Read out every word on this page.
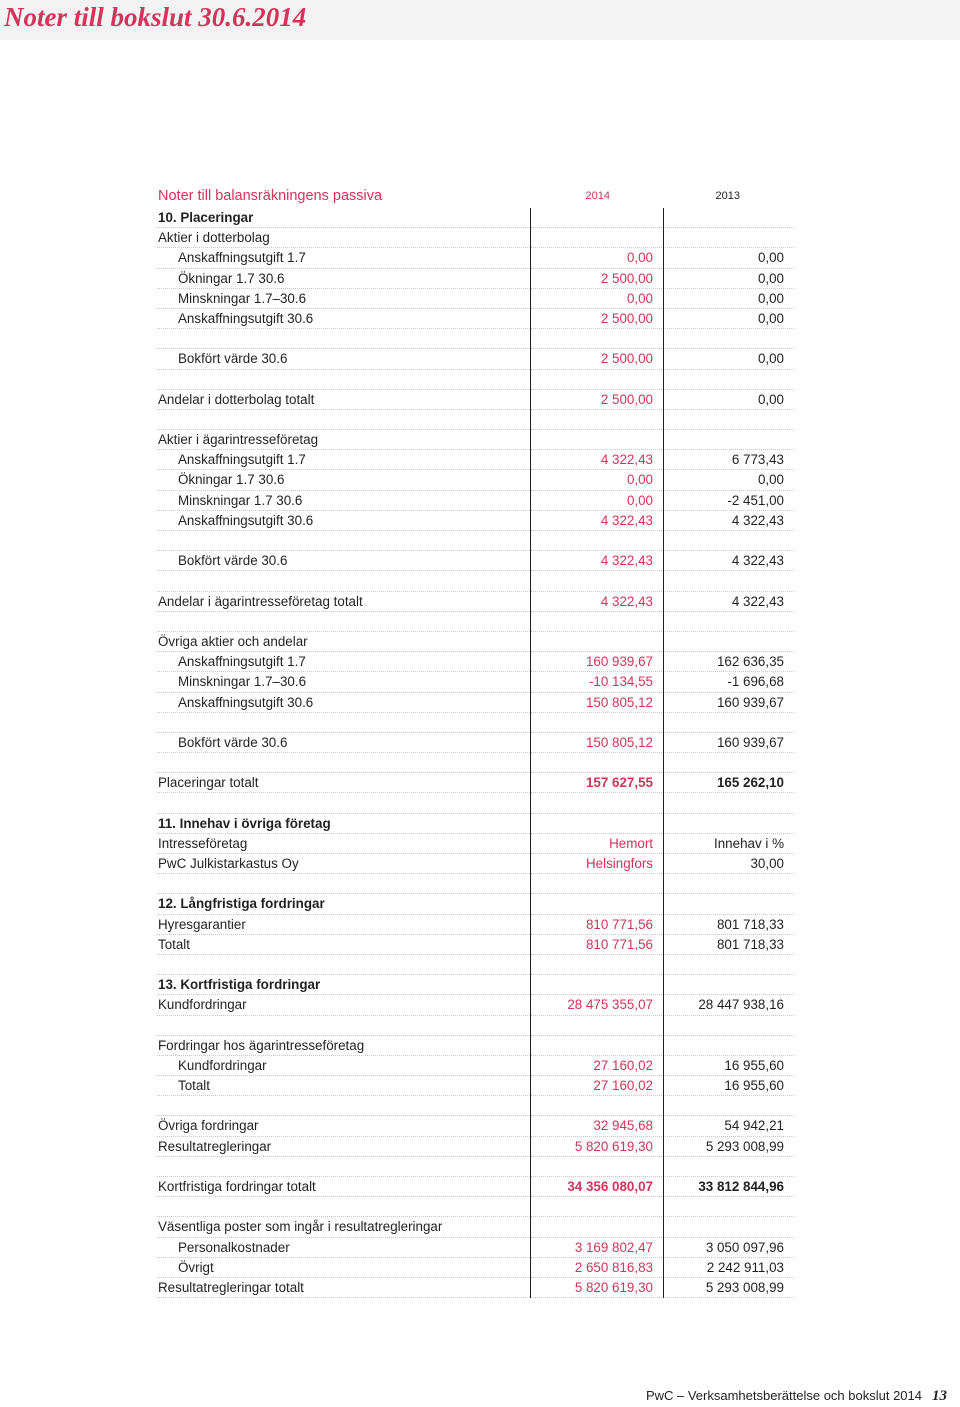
Noter till bokslut 30.6.2014
Noter till balansräkningens passiva	2014	2013
10. Placeringar
Aktier i dotterbolag
Anskaffningsutgift 1.7	0,00	0,00
Ökningar 1.7 30.6	2 500,00	0,00
Minskningar 1.7–30.6	0,00	0,00
Anskaffningsutgift 30.6	2 500,00	0,00
Bokfört värde 30.6	2 500,00	0,00
Andelar i dotterbolag totalt	2 500,00	0,00
Aktier i ägarintresseföretag
Anskaffningsutgift 1.7	4 322,43	6 773,43
Ökningar 1.7 30.6	0,00	0,00
Minskningar 1.7 30.6	0,00	-2 451,00
Anskaffningsutgift 30.6	4 322,43	4 322,43
Bokfört värde 30.6	4 322,43	4 322,43
Andelar i ägarintresseföretag totalt	4 322,43	4 322,43
Övriga aktier och andelar
Anskaffningsutgift 1.7	160 939,67	162 636,35
Minskningar 1.7–30.6	-10 134,55	-1 696,68
Anskaffningsutgift 30.6	150 805,12	160 939,67
Bokfört värde 30.6	150 805,12	160 939,67
Placeringar totalt	157 627,55	165 262,10
11. Innehav i övriga företag
Intresseföretag	Hemort	Innehav i %
PwC Julkistarkastus Oy	Helsingfors	30,00
12. Långfristiga fordringar
Hyresgarantier	810 771,56	801 718,33
Totalt	810 771,56	801 718,33
13. Kortfristiga fordringar
Kundfordringar	28 475 355,07	28 447 938,16
Fordringar hos ägarintresseföretag
Kundfordringar	27 160,02	16 955,60
Totalt	27 160,02	16 955,60
Övriga fordringar	32 945,68	54 942,21
Resultatregleringar	5 820 619,30	5 293 008,99
Kortfristiga fordringar totalt	34 356 080,07	33 812 844,96
Väsentliga poster som ingår i resultatregleringar
Personalkostnader	3 169 802,47	3 050 097,96
Övrigt	2 650 816,83	2 242 911,03
Resultatregleringar totalt	5 820 619,30	5 293 008,99
PwC – Verksamhetsberättelse och bokslut 2014 13
